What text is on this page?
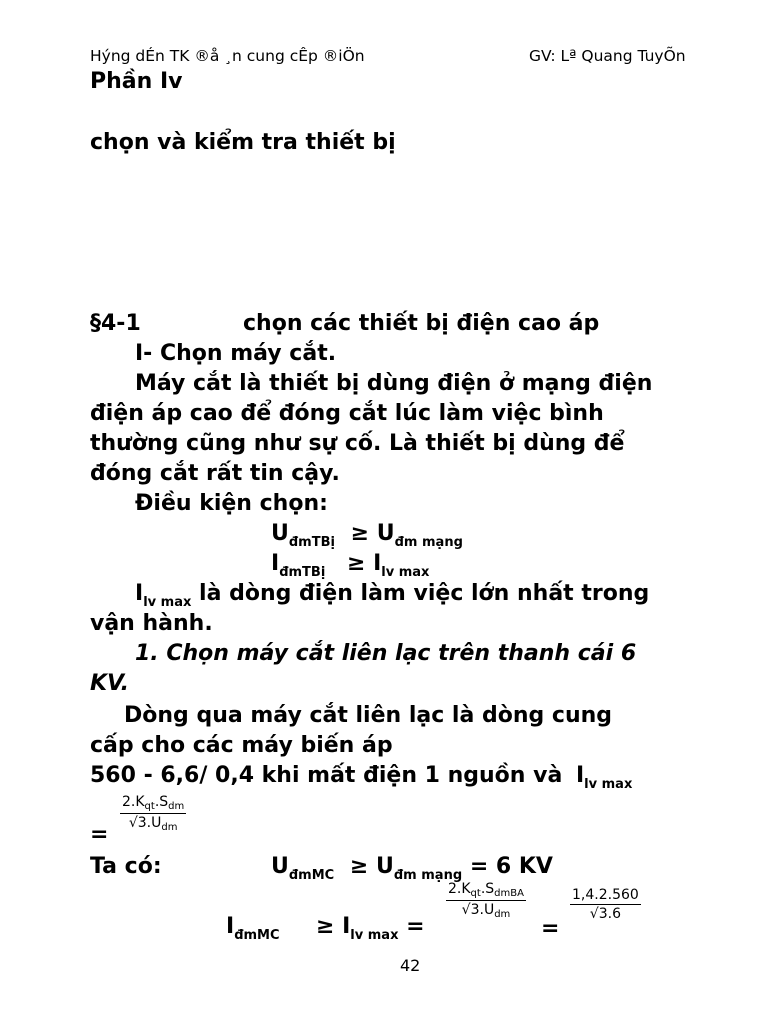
Hýng dÉn TK ®å ¸n cung cÊp ®iÖn	GV: Lª Quang TuyÕn
Phần Iv
chọn và kiểm tra thiết bị
§4-1	chọn các thiết bị điện cao áp
I- Chọn máy cắt.
Máy cắt là thiết bị dùng điện ở mạng điện
điện áp cao để đóng cắt lúc làm việc bình
thường cũng như sự cố. Là thiết bị dùng để
đóng cắt rất tin cậy.
Điều kiện chọn:
$U_{đmTBị} \ge U_{đm mạng}$
$I_{đmTBị} \ge I_{lv max}$
$I_{lv max}$ là dòng điện làm việc lớn nhất trong
vận hành.
1. Chọn máy cắt liên lạc trên thanh cái 6
KV.
Dòng qua máy cắt liên lạc là dòng cung
cấp cho các máy biến áp
560 - 6,6/ 0,4 khi mất điện 1 nguồn và $I_{lv max}$
$2.K_{qt}.S_{dm}$
$√3.U_{dm}$
=
Ta có:	$U_{đmMC} \ge U_{đm mạng} = 6$ KV
$I_{đmMC} \ge I_{lv max}$ =
$2.K_{qt}.S_{dmBA}$
$√3.U_{dm}$
=
$\frac{1,4.2.560}{√3.6}$
42
